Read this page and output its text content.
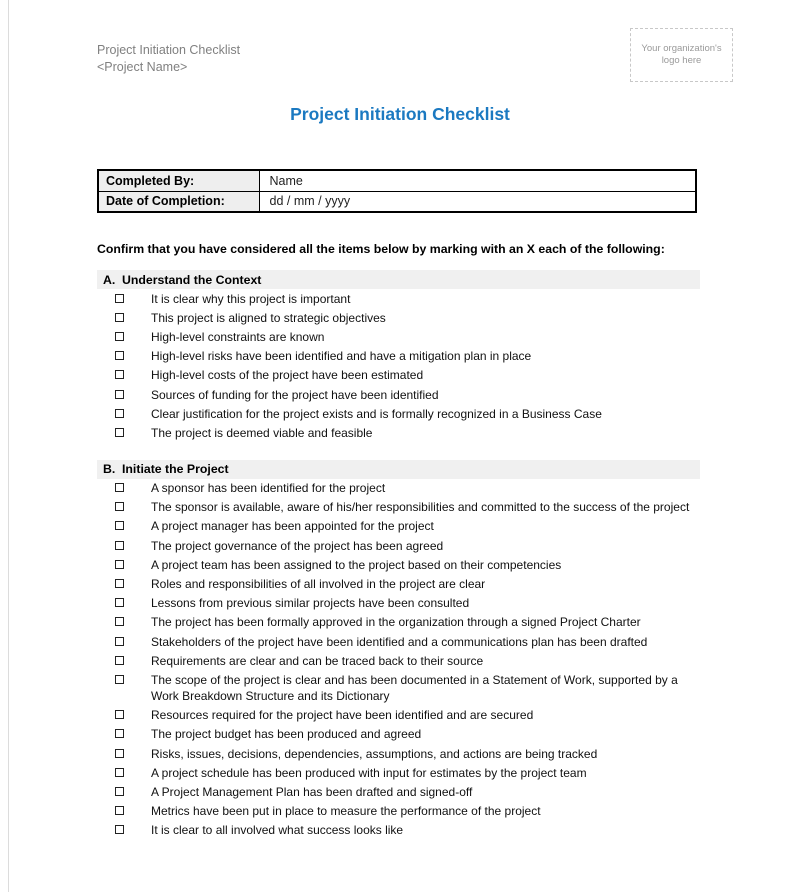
Project Initiation Checklist
<Project Name>
Your organization's logo here
Project Initiation Checklist
Completed By:	Name
Date of Completion:	dd / mm / yyyy

Confirm that you have considered all the items below by marking with an X each of the following:

A. Understand the Context
It is clear why this project is important
This project is aligned to strategic objectives
High-level constraints are known
High-level risks have been identified and have a mitigation plan in place
High-level costs of the project have been estimated
Sources of funding for the project have been identified
Clear justification for the project exists and is formally recognized in a Business Case
The project is deemed viable and feasible
B. Initiate the Project
A sponsor has been identified for the project
The sponsor is available, aware of his/her responsibilities and committed to the success of the project
A project manager has been appointed for the project
The project governance of the project has been agreed
A project team has been assigned to the project based on their competencies
Roles and responsibilities of all involved in the project are clear
Lessons from previous similar projects have been consulted
The project has been formally approved in the organization through a signed Project Charter
Stakeholders of the project have been identified and a communications plan has been drafted
Requirements are clear and can be traced back to their source
The scope of the project is clear and has been documented in a Statement of Work, supported by a Work Breakdown Structure and its Dictionary
Resources required for the project have been identified and are secured
The project budget has been produced and agreed
Risks, issues, decisions, dependencies, assumptions, and actions are being tracked
A project schedule has been produced with input for estimates by the project team
A Project Management Plan has been drafted and signed-off
Metrics have been put in place to measure the performance of the project
It is clear to all involved what success looks like
